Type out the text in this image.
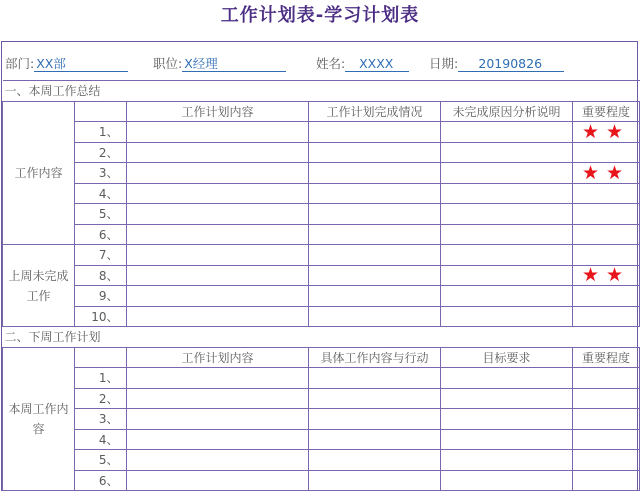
工作计划表-学习计划表
部门: XX部	职位: X经理	姓名: XXXX	日期: 20190826
一、本周工作总结					
工作内容		工作计划内容	工作计划完成情况	未完成原因分析说明	重要程度
	1、				★★
	2、				
	3、				★★
	4、				
	5、				
	6、				
上周未完成工作	7、				
	8、				★★
	9、				
	10、				
二、下周工作计划					
本周工作内容		工作计划内容	具体工作内容与行动	目标要求	重要程度
	1、				
	2、				
	3、				
	4、				
	5、				
	6、				
